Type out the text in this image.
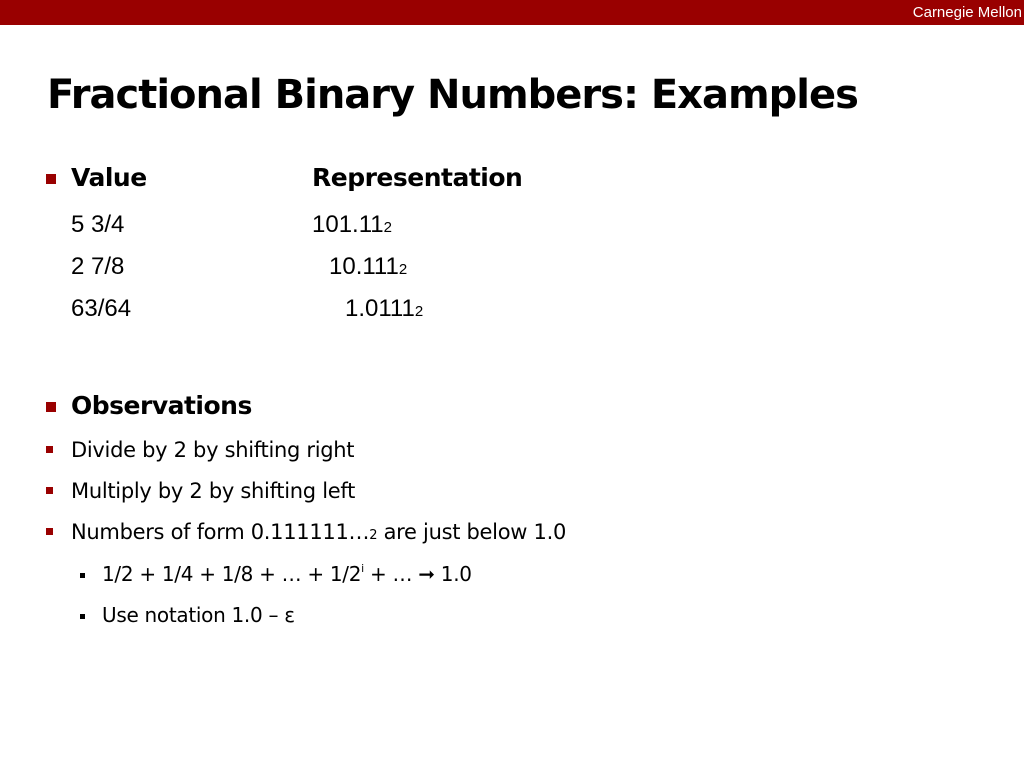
Carnegie Mellon
Fractional Binary Numbers: Examples
Value	Representation
5 3/4	101.112
2 7/8	10.1112
63/64	1.01112
Observations
Divide by 2 by shifting right
Multiply by 2 by shifting left
Numbers of form 0.111111…2 are just below 1.0
1/2 + 1/4 + 1/8 + … + $1/2^i$ + … ➞ 1.0
Use notation 1.0 – ε
